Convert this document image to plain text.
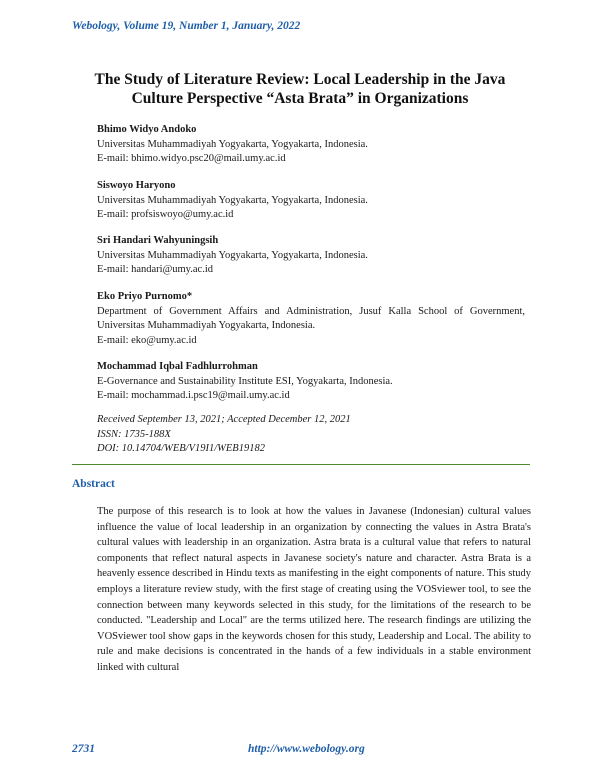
Webology, Volume 19, Number 1, January, 2022
The Study of Literature Review: Local Leadership in the Java
Culture Perspective “Asta Brata” in Organizations
Bhimo Widyo Andoko
Universitas Muhammadiyah Yogyakarta, Yogyakarta, Indonesia.
E-mail: bhimo.widyo.psc20@mail.umy.ac.id
Siswoyo Haryono
Universitas Muhammadiyah Yogyakarta, Yogyakarta, Indonesia.
E-mail: profsiswoyo@umy.ac.id
Sri Handari Wahyuningsih
Universitas Muhammadiyah Yogyakarta, Yogyakarta, Indonesia.
E-mail: handari@umy.ac.id
Eko Priyo Purnomo*
Department of Government Affairs and Administration, Jusuf Kalla School of Government, Universitas Muhammadiyah Yogyakarta, Indonesia.
E-mail: eko@umy.ac.id
Mochammad Iqbal Fadhlurrohman
E-Governance and Sustainability Institute ESI, Yogyakarta, Indonesia.
E-mail: mochammad.i.psc19@mail.umy.ac.id
Received September 13, 2021; Accepted December 12, 2021
ISSN: 1735-188X
DOI: 10.14704/WEB/V19I1/WEB19182
Abstract
The purpose of this research is to look at how the values in Javanese (Indonesian) cultural values influence the value of local leadership in an organization by connecting the values in Astra Brata's cultural values with leadership in an organization. Astra brata is a cultural value that refers to natural components that reflect natural aspects in Javanese society's nature and character. Astra Brata is a heavenly essence described in Hindu texts as manifesting in the eight components of nature. This study employs a literature review study, with the first stage of creating using the VOSviewer tool, to see the connection between many keywords selected in this study, for the limitations of the research to be conducted. "Leadership and Local" are the terms utilized here. The research findings are utilizing the VOSviewer tool show gaps in the keywords chosen for this study, Leadership and Local. The ability to rule and make decisions is concentrated in the hands of a few individuals in a stable environment linked with cultural
2731	http://www.webology.org
